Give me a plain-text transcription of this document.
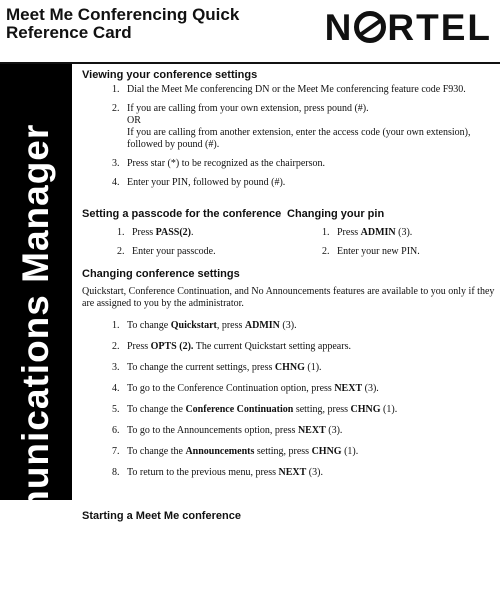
Meet Me Conferencing Quick
Reference Card	N RTEL
Communications Manager
Viewing your conference settings
1. Dial the Meet Me conferencing DN or the Meet Me conferencing feature code F930.
2. If you are calling from your own extension, press pound (#).
OR
If you are calling from another extension, enter the access code (your own extension), followed by pound (#).
3. Press star (*) to be recognized as the chairperson.
4. Enter your PIN, followed by pound (#).
Setting a passcode for the conference
1. Press PASS(2).
2. Enter your passcode.
Changing your pin
1. Press ADMIN (3).
2. Enter your new PIN.
Changing conference settings
Quickstart, Conference Continuation, and No Announcements features are available to you only if they are assigned to you by the administrator.
1. To change Quickstart, press ADMIN (3).
2. Press OPTS (2). The current Quickstart setting appears.
3. To change the current settings, press CHNG (1).
4. To go to the Conference Continuation option, press NEXT (3).
5. To change the Conference Continuation setting, press CHNG (1).
6. To go to the Announcements option, press NEXT (3).
7. To change the Announcements setting, press CHNG (1).
8. To return to the previous menu, press NEXT (3).
Starting a Meet Me conference
